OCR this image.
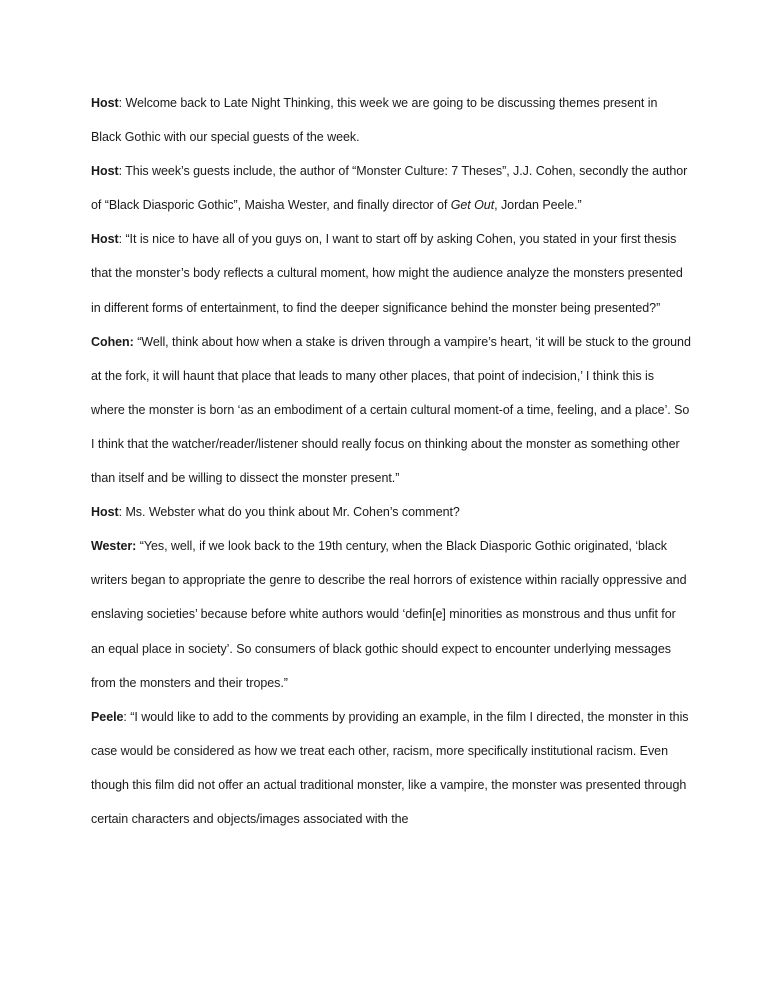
Host: Welcome back to Late Night Thinking, this week we are going to be discussing themes present in Black Gothic with our special guests of the week.

Host: This week’s guests include, the author of “Monster Culture: 7 Theses”, J.J. Cohen, secondly the author of “Black Diasporic Gothic”, Maisha Wester, and finally director of Get Out, Jordan Peele.”

Host: “It is nice to have all of you guys on, I want to start off by asking Cohen, you stated in your first thesis that the monster’s body reflects a cultural moment, how might the audience analyze the monsters presented in different forms of entertainment, to find the deeper significance behind the monster being presented?”

Cohen: “Well, think about how when a stake is driven through a vampire’s heart, ‘it will be stuck to the ground at the fork, it will haunt that place that leads to many other places, that point of indecision,’ I think this is where the monster is born ‘as an embodiment of a certain cultural moment-of a time, feeling, and a place’. So I think that the watcher/reader/listener should really focus on thinking about the monster as something other than itself and be willing to dissect the monster present.”

Host: Ms. Webster what do you think about Mr. Cohen’s comment?

Wester: “Yes, well, if we look back to the 19th century, when the Black Diasporic Gothic originated, ‘black writers began to appropriate the genre to describe the real horrors of existence within racially oppressive and enslaving societies’ because before white authors would ‘defin[e] minorities as monstrous and thus unfit for an equal place in society’. So consumers of black gothic should expect to encounter underlying messages from the monsters and their tropes.”

Peele: “I would like to add to the comments by providing an example, in the film I directed, the monster in this case would be considered as how we treat each other, racism, more specifically institutional racism. Even though this film did not offer an actual traditional monster, like a vampire, the monster was presented through certain characters and objects/images associated with the
